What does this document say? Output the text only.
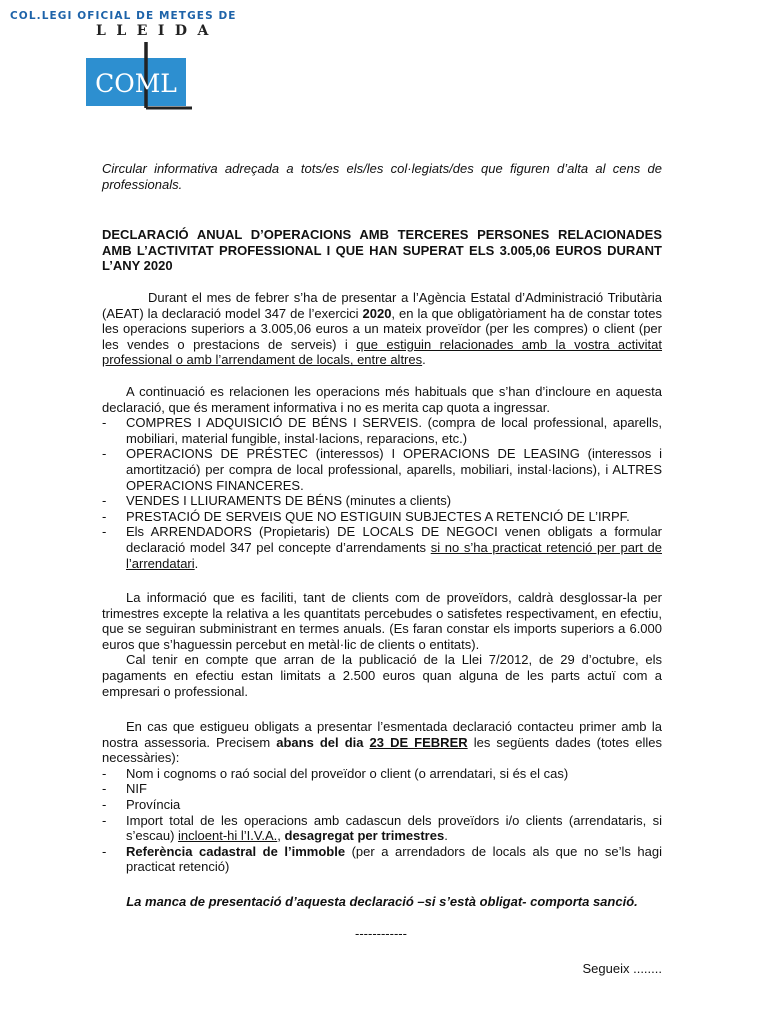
COL.LEGI OFICIAL DE METGES DE
LLEIDA
COML
Circular informativa adreçada a tots/es els/les col·legiats/des que figuren d’alta al cens de professionals.
DECLARACIÓ ANUAL D’OPERACIONS AMB TERCERES PERSONES RELACIONADES AMB L’ACTIVITAT PROFESSIONAL I QUE HAN SUPERAT ELS 3.005,06 EUROS DURANT L’ANY 2020

Durant el mes de febrer s’ha de presentar a l’Agència Estatal d’Administració Tributària (AEAT) la declaració model 347 de l’exercici 2020, en la que obligatòriament ha de constar totes les operacions superiors a 3.005,06 euros a un mateix proveïdor (per les compres) o client (per les vendes o prestacions de serveis) i que estiguin relacionades amb la vostra activitat professional o amb l’arrendament de locals, entre altres.

A continuació es relacionen les operacions més habituals que s’han d’incloure en aquesta declaració, que és merament informativa i no es merita cap quota a ingressar.

- COMPRES I ADQUISICIÓ DE BÉNS I SERVEIS. (compra de local professional, aparells, mobiliari, material fungible, instal·lacions, reparacions, etc.)
- OPERACIONS DE PRÉSTEC (interessos) I OPERACIONS DE LEASING (interessos i amortització) per compra de local professional, aparells, mobiliari, instal·lacions), i ALTRES OPERACIONS FINANCERES.
- VENDES I LLIURAMENTS DE BÉNS (minutes a clients)
- PRESTACIÓ DE SERVEIS QUE NO ESTIGUIN SUBJECTES A RETENCIÓ DE L’IRPF.
- Els ARRENDADORS (Propietaris) DE LOCALS DE NEGOCI venen obligats a formular declaració model 347 pel concepte d’arrendaments si no s’ha practicat retenció per part de l’arrendatari.

La informació que es faciliti, tant de clients com de proveïdors, caldrà desglossar-la per trimestres excepte la relativa a les quantitats percebudes o satisfetes respectivament, en efectiu, que se seguiran subministrant en termes anuals. (Es faran constar els imports superiors a 6.000 euros que s’haguessin percebut en metàl·lic de clients o entitats).

Cal tenir en compte que arran de la publicació de la Llei 7/2012, de 29 d’octubre, els pagaments en efectiu estan limitats a 2.500 euros quan alguna de les parts actuï com a empresari o professional.

En cas que estigueu obligats a presentar l’esmentada declaració contacteu primer amb la nostra assessoria. Precisem abans del dia 23 DE FEBRER les següents dades (totes elles necessàries):

- Nom i cognoms o raó social del proveïdor o client (o arrendatari, si és el cas)
- NIF
- Província
- Import total de les operacions amb cadascun dels proveïdors i/o clients (arrendataris, si s’escau) incloent-hi l’I.V.A., desagregat per trimestres.
- Referència cadastral de l’immoble (per a arrendadors de locals als que no se’ls hagi practicat retenció)
La manca de presentació d’aquesta declaració –si s’està obligat- comporta sanció.
------------
Segueix ........
